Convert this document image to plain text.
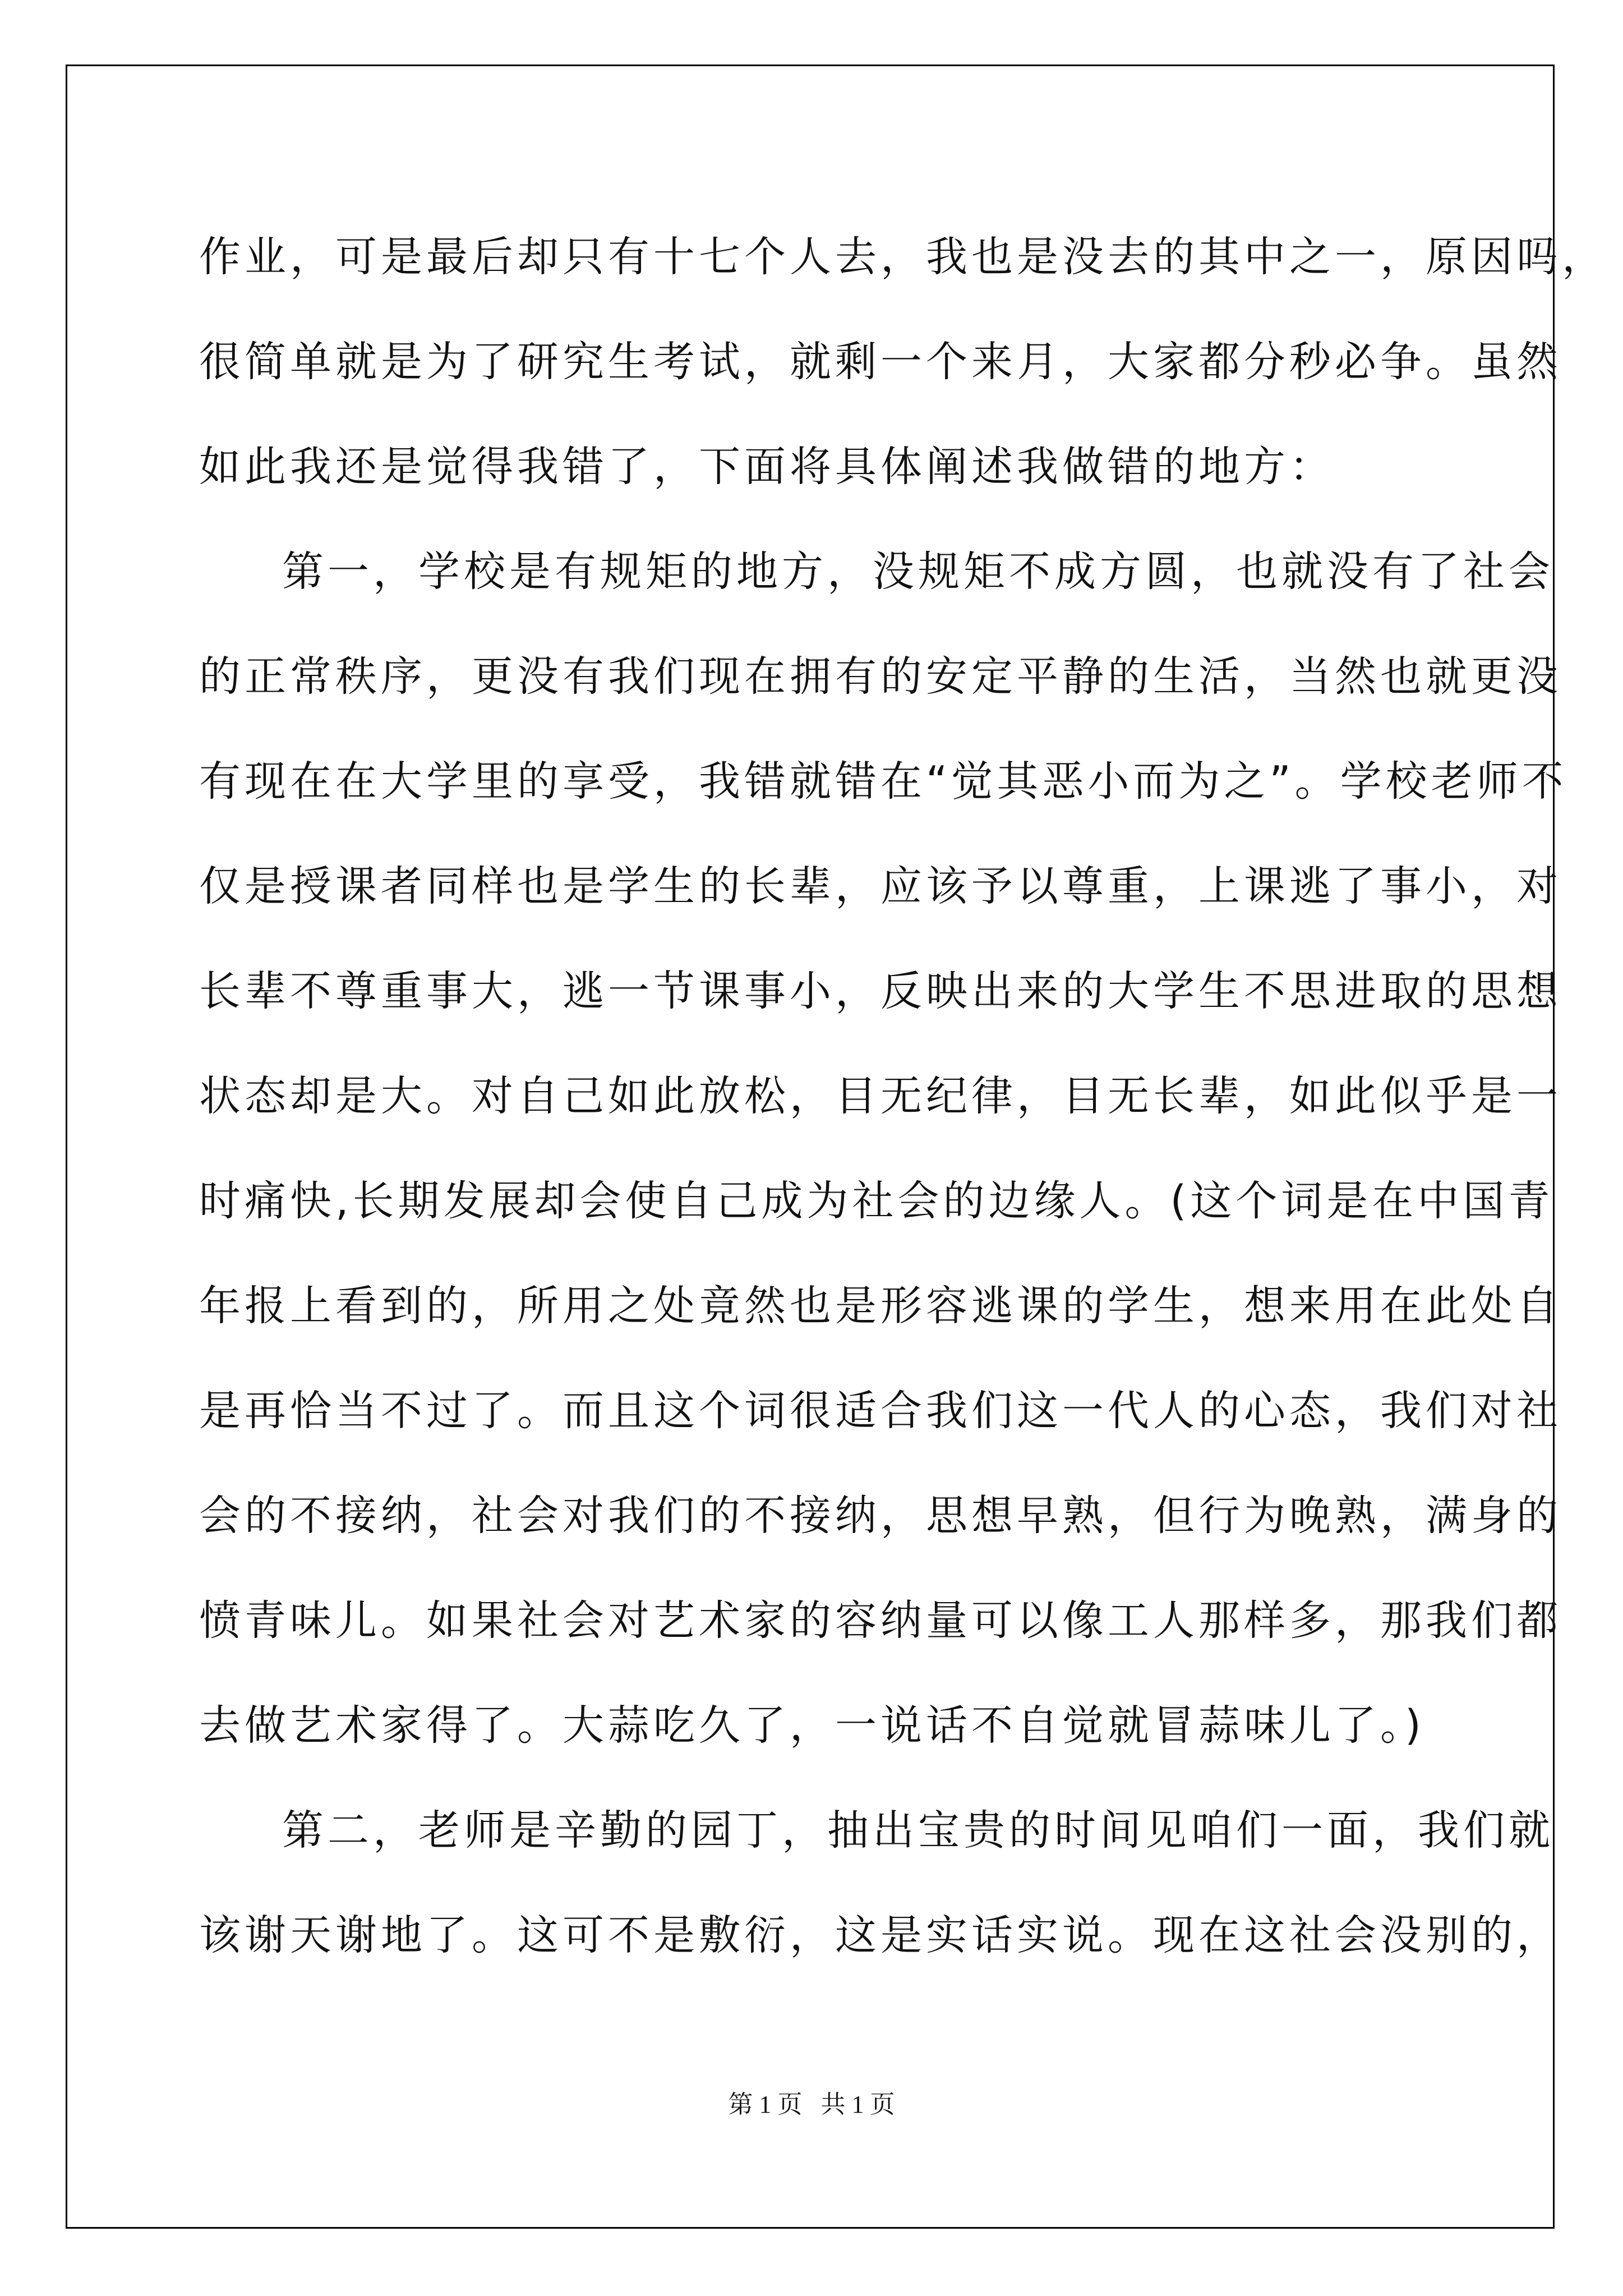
作业，可是最后却只有十七个人去，我也是没去的其中之一，原因吗，
很简单就是为了研究生考试，就剩一个来月，大家都分秒必争。虽然
如此我还是觉得我错了，下面将具体阐述我做错的地方：
第一，学校是有规矩的地方，没规矩不成方圆，也就没有了社会
的正常秩序，更没有我们现在拥有的安定平静的生活，当然也就更没
有现在在大学里的享受，我错就错在“觉其恶小而为之”。学校老师不
仅是授课者同样也是学生的长辈，应该予以尊重，上课逃了事小，对
长辈不尊重事大，逃一节课事小，反映出来的大学生不思进取的思想
状态却是大。对自己如此放松，目无纪律，目无长辈，如此似乎是一
时痛快,长期发展却会使自己成为社会的边缘人。(这个词是在中国青
年报上看到的，所用之处竟然也是形容逃课的学生，想来用在此处自
是再恰当不过了。而且这个词很适合我们这一代人的心态，我们对社
会的不接纳，社会对我们的不接纳，思想早熟，但行为晚熟，满身的
愤青味儿。如果社会对艺术家的容纳量可以像工人那样多，那我们都
去做艺术家得了。大蒜吃久了，一说话不自觉就冒蒜味儿了。)
第二，老师是辛勤的园丁，抽出宝贵的时间见咱们一面，我们就
该谢天谢地了。这可不是敷衍，这是实话实说。现在这社会没别的，
第 1 页   共 1 页
